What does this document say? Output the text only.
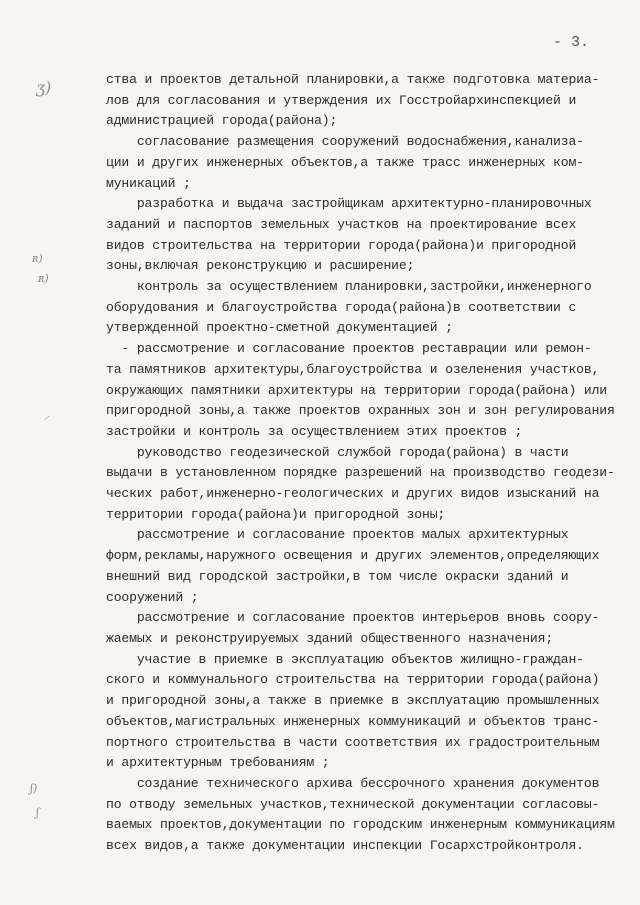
- 3.
ʒ)
ʀ)
ʀ)
⸝
ʃ)
ʃ
ства и проектов детальной планировки,а также подготовка материа-
лов для согласования и утверждения их Госстройархинспекцией и
администрацией города(района);
согласование размещения сооружений водоснабжения,канализа-
ции и других инженерных объектов,а также трасс инженерных ком-
муникаций ;
разработка и выдача застройщикам архитектурно-планировочных
заданий и паспортов земельных участков на проектирование всех
видов строительства на территории города(района)и пригородной
зоны,включая реконструкцию и расширение;
контроль за осуществлением планировки,застройки,инженерного
оборудования и благоустройства города(района)в соответствии с
утвержденной проектно-сметной документацией ;
- рассмотрение и согласование проектов реставрации или ремон-
та памятников архитектуры,благоустройства и озеленения участков,
окружающих памятники архитектуры на территории города(района) или
пригородной зоны,а также проектов охранных зон и зон регулирования
застройки и контроль за осуществлением этих проектов ;
руководство геодезической службой города(района) в части
выдачи в установленном порядке разрешений на производство геодези-
ческих работ,инженерно-геологических и других видов изысканий на
территории города(района)и пригородной зоны;
рассмотрение и согласование проектов малых архитектурных
форм,рекламы,наружного освещения и других элементов,определяющих
внешний вид городской застройки,в том числе окраски зданий и
сооружений ;
рассмотрение и согласование проектов интерьеров вновь соору-
жаемых и реконструируемых зданий общественного назначения;
участие в приемке в эксплуатацию объектов жилищно-граждан-
ского и коммунального строительства на территории города(района)
и пригородной зоны,а также в приемке в эксплуатацию промышленных
объектов,магистральных инженерных коммуникаций и объектов транс-
портного строительства в части соответствия их градостроительным
и архитектурным требованиям ;
создание технического архива бессрочного хранения документов
по отводу земельных участков,технической документации согласовы-
ваемых проектов,документации по городским инженерным коммуникациям
всех видов,а также документации инспекции Госархстройконтроля.
